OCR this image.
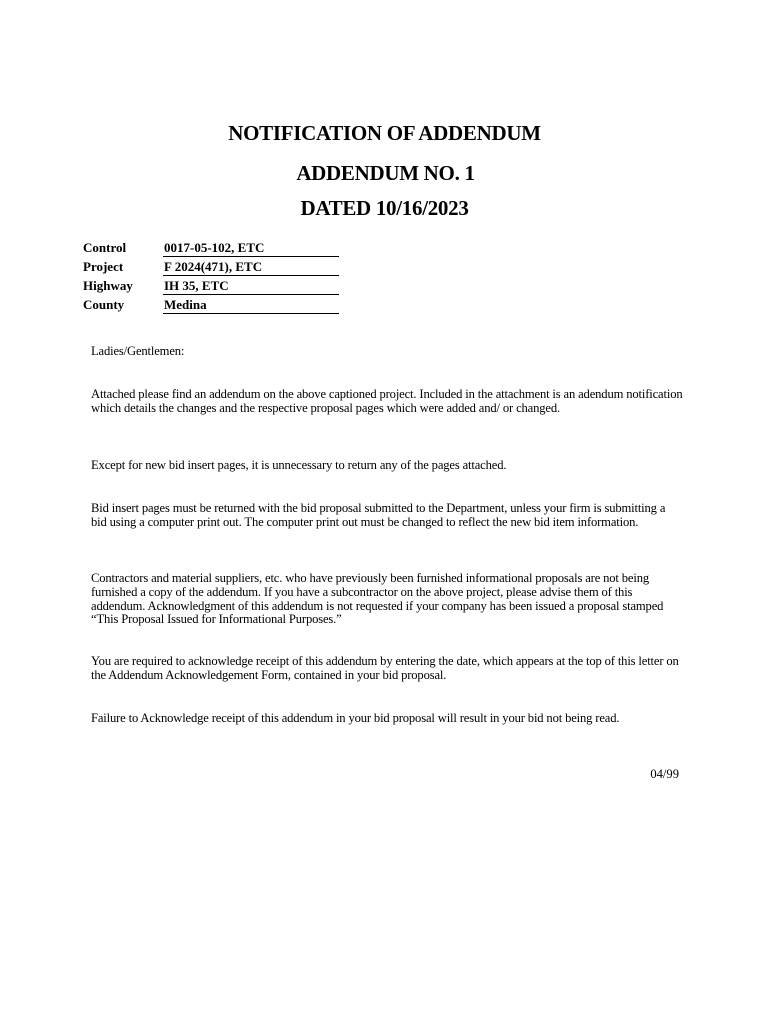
NOTIFICATION OF ADDENDUM
ADDENDUM NO. 1
DATED 10/16/2023
Control	0017-05-102, ETC
Project	F 2024(471), ETC
Highway IH 35, ETC
County	Medina
Ladies/Gentlemen:
Attached please find an addendum on the above captioned project. Included in the attachment is an adendum notification which details the changes and the respective proposal pages which were added and/ or changed.
Except for new bid insert pages, it is unnecessary to return any of the pages attached.
Bid insert pages must be returned with the bid proposal submitted to the Department, unless your firm is submitting a bid using a computer print out. The computer print out must be changed to reflect the new bid item information.
Contractors and material suppliers, etc. who have previously been furnished informational proposals are not being furnished a copy of the addendum. If you have a subcontractor on the above project, please advise them of this addendum. Acknowledgment of this addendum is not requested if your company has been issued a proposal stamped “This Proposal Issued for Informational Purposes.”
You are required to acknowledge receipt of this addendum by entering the date, which appears at the top of this letter on the Addendum Acknowledgement Form, contained in your bid proposal.
Failure to Acknowledge receipt of this addendum in your bid proposal will result in your bid not being read.
04/99
